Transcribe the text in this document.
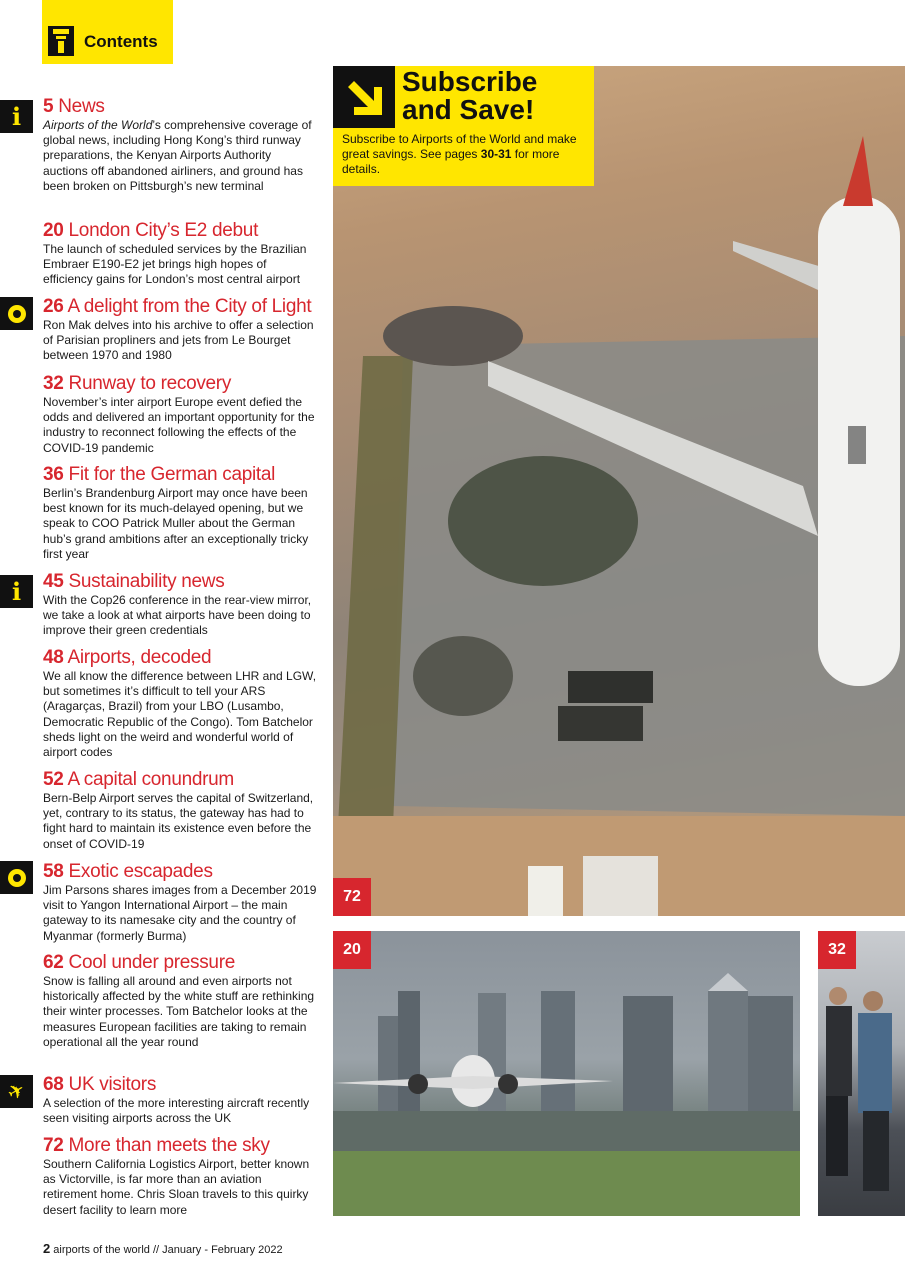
Contents
i
i
✈
5 News
Airports of the World’s comprehensive coverage of global news, including Hong Kong’s third runway preparations, the Kenyan Airports Authority auctions off abandoned airliners, and ground has been broken on Pittsburgh’s new terminal
20 London City’s E2 debut
The launch of scheduled services by the Brazilian Embraer E190-E2 jet brings high hopes of efficiency gains for London’s most central airport
26 A delight from the City of Light
Ron Mak delves into his archive to offer a selection of Parisian propliners and jets from Le Bourget between 1970 and 1980
32 Runway to recovery
November’s inter airport Europe event defied the odds and delivered an important opportunity for the industry to reconnect following the effects of the COVID-19 pandemic
36 Fit for the German capital
Berlin’s Brandenburg Airport may once have been best known for its much-delayed opening, but we speak to COO Patrick Muller about the German hub’s grand ambitions after an exceptionally tricky first year
45 Sustainability news
With the Cop26 conference in the rear-view mirror, we take a look at what airports have been doing to improve their green credentials
48 Airports, decoded
We all know the difference between LHR and LGW, but sometimes it’s difficult to tell your ARS (Aragarças, Brazil) from your LBO (Lusambo, Democratic Republic of the Congo). Tom Batchelor sheds light on the weird and wonderful world of airport codes
52 A capital conundrum
Bern-Belp Airport serves the capital of Switzerland, yet, contrary to its status, the gateway has had to fight hard to maintain its existence even before the onset of COVID-19
58 Exotic escapades
Jim Parsons shares images from a December 2019 visit to Yangon International Airport – the main gateway to its namesake city and the country of Myanmar (formerly Burma)
62 Cool under pressure
Snow is falling all around and even airports not historically affected by the white stuff are rethinking their winter processes. Tom Batchelor looks at the measures European facilities are taking to remain operational all the year round
68 UK visitors
A selection of the more interesting aircraft recently seen visiting airports across the UK
72 More than meets the sky
Southern California Logistics Airport, better known as Victorville, is far more than an aviation retirement home. Chris Sloan travels to this quirky desert facility to learn more
72
Subscribe
and Save!
Subscribe to Airports of the World and make great savings. See pages 30-31 for more details.
20	32
2 airports of the world // January - February 2022
